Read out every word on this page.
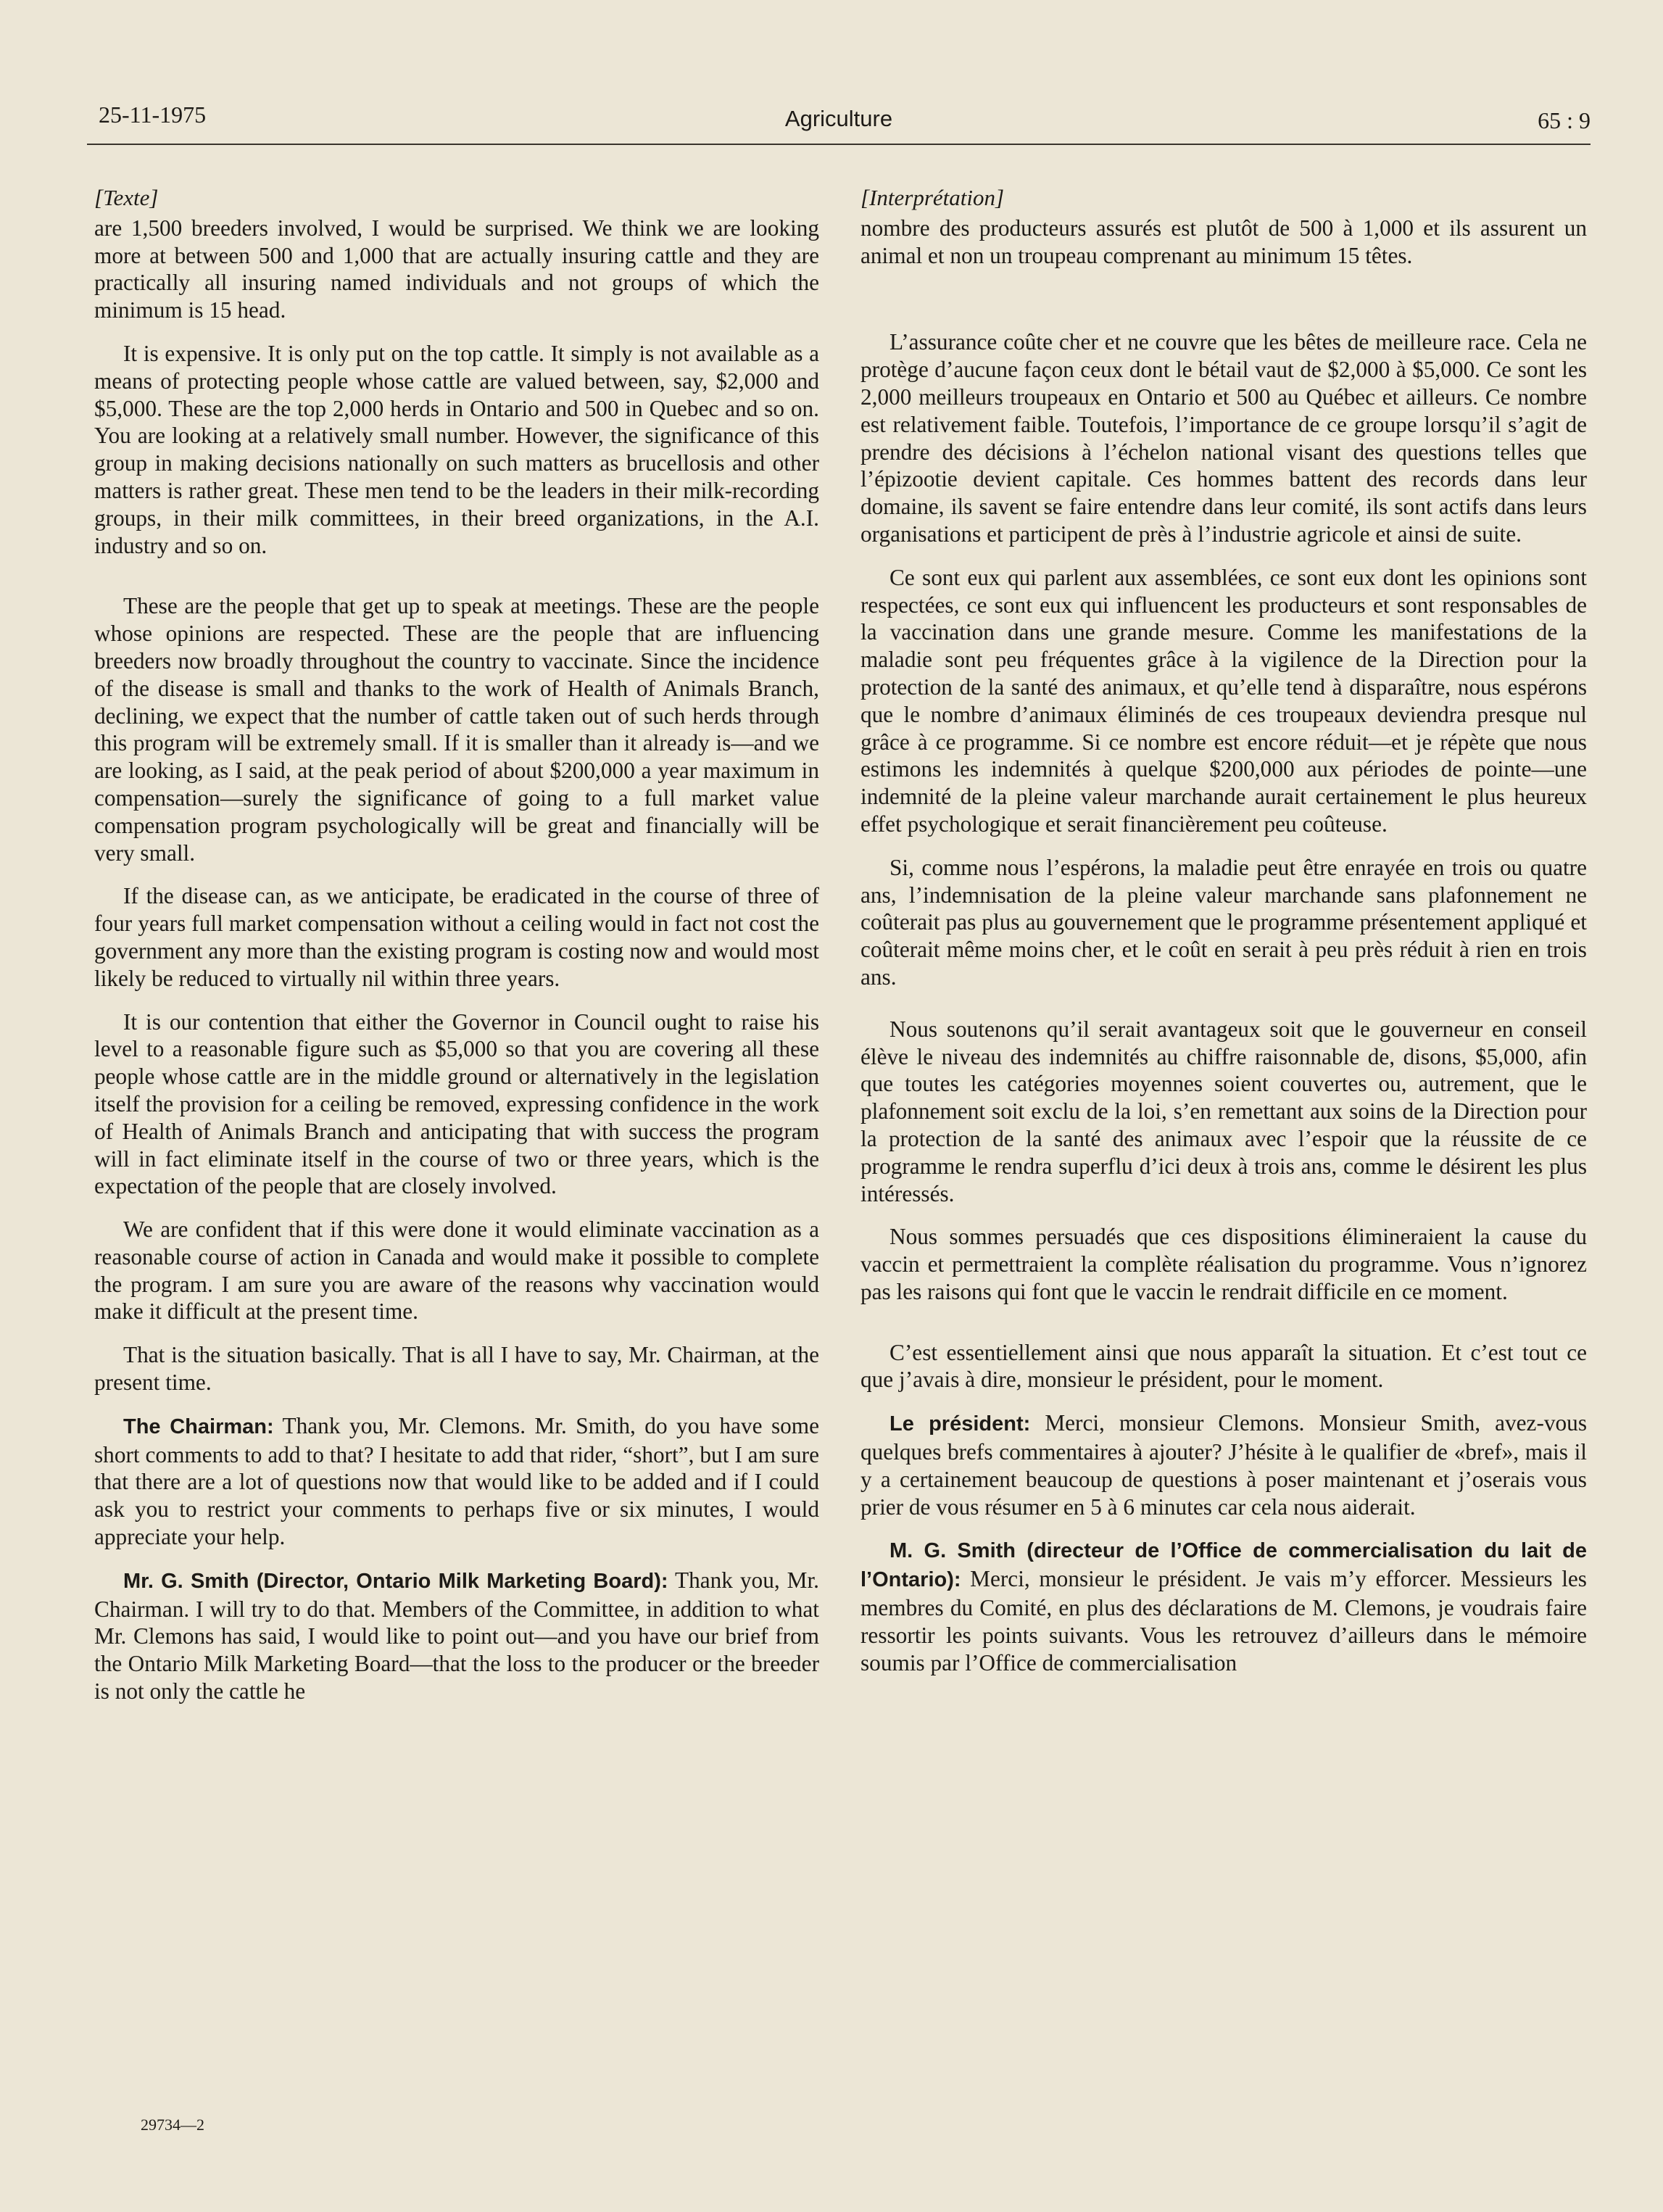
25-11-1975	Agriculture	65 : 9
[Texte]

are 1,500 breeders involved, I would be surprised. We think we are looking more at between 500 and 1,000 that are actually insuring cattle and they are practically all insuring named individuals and not groups of which the minimum is 15 head.

It is expensive. It is only put on the top cattle. It simply is not available as a means of protecting people whose cattle are valued between, say, $2,000 and $5,000. These are the top 2,000 herds in Ontario and 500 in Quebec and so on. You are looking at a relatively small number. However, the significance of this group in making decisions nationally on such matters as brucellosis and other matters is rather great. These men tend to be the leaders in their milk-recording groups, in their milk committees, in their breed organizations, in the A.I. industry and so on.

These are the people that get up to speak at meetings. These are the people whose opinions are respected. These are the people that are influencing breeders now broadly throughout the country to vaccinate. Since the incidence of the disease is small and thanks to the work of Health of Animals Branch, declining, we expect that the number of cattle taken out of such herds through this program will be extremely small. If it is smaller than it already is—and we are looking, as I said, at the peak period of about $200,000 a year maximum in compensation—surely the significance of going to a full market value compensation program psychologically will be great and financially will be very small.

If the disease can, as we anticipate, be eradicated in the course of three of four years full market compensation without a ceiling would in fact not cost the government any more than the existing program is costing now and would most likely be reduced to virtually nil within three years.

It is our contention that either the Governor in Council ought to raise his level to a reasonable figure such as $5,000 so that you are covering all these people whose cattle are in the middle ground or alternatively in the legislation itself the provision for a ceiling be removed, expressing confidence in the work of Health of Animals Branch and anticipating that with success the program will in fact eliminate itself in the course of two or three years, which is the expectation of the people that are closely involved.

We are confident that if this were done it would eliminate vaccination as a reasonable course of action in Canada and would make it possible to complete the program. I am sure you are aware of the reasons why vaccination would make it difficult at the present time.

That is the situation basically. That is all I have to say, Mr. Chairman, at the present time.

The Chairman: Thank you, Mr. Clemons. Mr. Smith, do you have some short comments to add to that? I hesitate to add that rider, “short”, but I am sure that there are a lot of questions now that would like to be added and if I could ask you to restrict your comments to perhaps five or six minutes, I would appreciate your help.

Mr. G. Smith (Director, Ontario Milk Marketing Board): Thank you, Mr. Chairman. I will try to do that. Members of the Committee, in addition to what Mr. Clemons has said, I would like to point out—and you have our brief from the Ontario Milk Marketing Board—that the loss to the producer or the breeder is not only the cattle he

[Interprétation]

nombre des producteurs assurés est plutôt de 500 à 1,000 et ils assurent un animal et non un troupeau comprenant au minimum 15 têtes.

L’assurance coûte cher et ne couvre que les bêtes de meilleure race. Cela ne protège d’aucune façon ceux dont le bétail vaut de $2,000 à $5,000. Ce sont les 2,000 meilleurs troupeaux en Ontario et 500 au Québec et ailleurs. Ce nombre est relativement faible. Toutefois, l’importance de ce groupe lorsqu’il s’agit de prendre des décisions à l’échelon national visant des questions telles que l’épizootie devient capitale. Ces hommes battent des records dans leur domaine, ils savent se faire entendre dans leur comité, ils sont actifs dans leurs organisations et participent de près à l’industrie agricole et ainsi de suite.

Ce sont eux qui parlent aux assemblées, ce sont eux dont les opinions sont respectées, ce sont eux qui influencent les producteurs et sont responsables de la vaccination dans une grande mesure. Comme les manifestations de la maladie sont peu fréquentes grâce à la vigilence de la Direction pour la protection de la santé des animaux, et qu’elle tend à disparaître, nous espérons que le nombre d’animaux éliminés de ces troupeaux deviendra presque nul grâce à ce programme. Si ce nombre est encore réduit—et je répète que nous estimons les indemnités à quelque $200,000 aux périodes de pointe—une indemnité de la pleine valeur marchande aurait certainement le plus heureux effet psychologique et serait financièrement peu coûteuse.

Si, comme nous l’espérons, la maladie peut être enrayée en trois ou quatre ans, l’indemnisation de la pleine valeur marchande sans plafonnement ne coûterait pas plus au gouvernement que le programme présentement appliqué et coûterait même moins cher, et le coût en serait à peu près réduit à rien en trois ans.

Nous soutenons qu’il serait avantageux soit que le gouverneur en conseil élève le niveau des indemnités au chiffre raisonnable de, disons, $5,000, afin que toutes les catégories moyennes soient couvertes ou, autrement, que le plafonnement soit exclu de la loi, s’en remettant aux soins de la Direction pour la protection de la santé des animaux avec l’espoir que la réussite de ce programme le rendra superflu d’ici deux à trois ans, comme le désirent les plus intéressés.

Nous sommes persuadés que ces dispositions élimineraient la cause du vaccin et permettraient la complète réalisation du programme. Vous n’ignorez pas les raisons qui font que le vaccin le rendrait difficile en ce moment.

C’est essentiellement ainsi que nous apparaît la situation. Et c’est tout ce que j’avais à dire, monsieur le président, pour le moment.

Le président: Merci, monsieur Clemons. Monsieur Smith, avez-vous quelques brefs commentaires à ajouter? J’hésite à le qualifier de «bref», mais il y a certainement beaucoup de questions à poser maintenant et j’oserais vous prier de vous résumer en 5 à 6 minutes car cela nous aiderait.

M. G. Smith (directeur de l’Office de commercialisation du lait de l’Ontario): Merci, monsieur le président. Je vais m’y efforcer. Messieurs les membres du Comité, en plus des déclarations de M. Clemons, je voudrais faire ressortir les points suivants. Vous les retrouvez d’ailleurs dans le mémoire soumis par l’Office de commercialisation

29734—2
